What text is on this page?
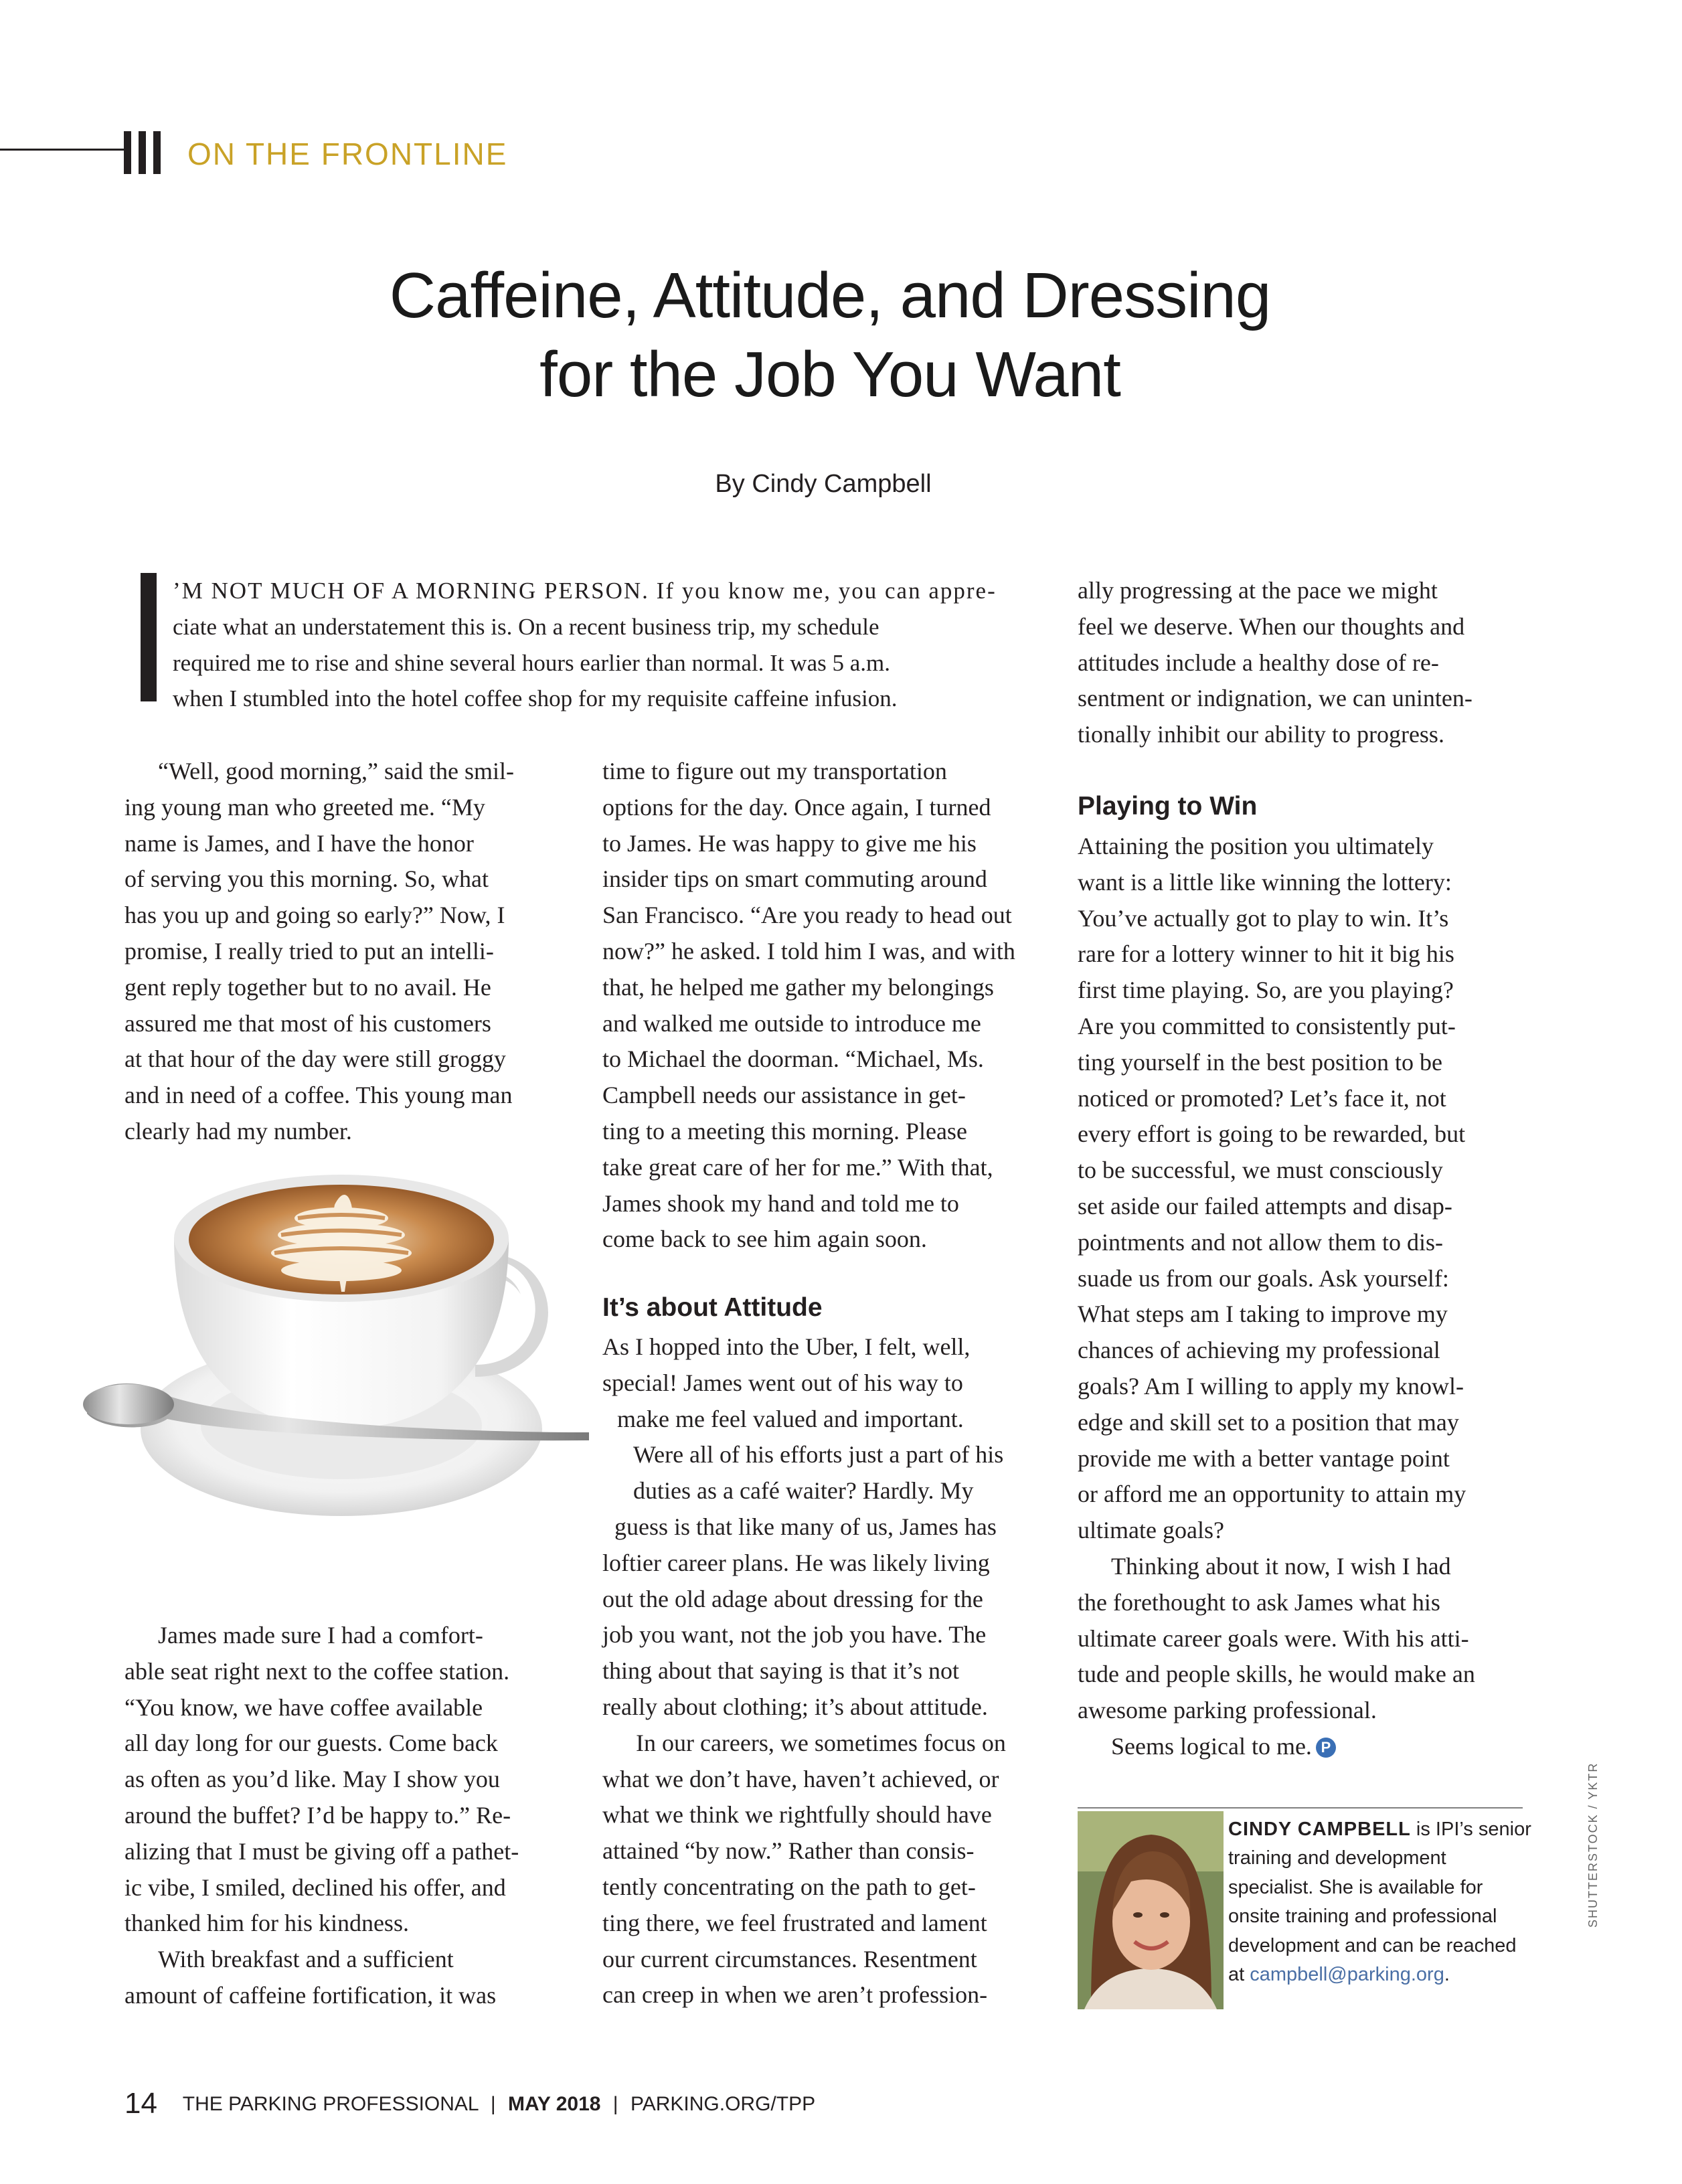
ON THE FRONTLINE
Caffeine, Attitude, and Dressing
for the Job You Want
By Cindy Campbell

’M NOT MUCH OF A MORNING PERSON. If you know me, you can appre-

ciate what an understatement this is. On a recent business trip, my schedule

required me to rise and shine several hours earlier than normal. It was 5 a.m.

when I stumbled into the hotel coffee shop for my requisite caffeine infusion.

“Well, good morning,” said the smil-

ing young man who greeted me. “My

name is James, and I have the honor

of serving you this morning. So, what

has you up and going so early?” Now, I

promise, I really tried to put an intelli-

gent reply together but to no avail. He

assured me that most of his customers

at that hour of the day were still groggy

and in need of a coffee. This young man

clearly had my number.

James made sure I had a comfort-

able seat right next to the coffee station.

“You know, we have coffee available

all day long for our guests. Come back

as often as you’d like. May I show you

around the buffet? I’d be happy to.” Re-

alizing that I must be giving off a pathet-

ic vibe, I smiled, declined his offer, and

thanked him for his kindness.

With breakfast and a sufficient

amount of caffeine fortification, it was

time to figure out my transportation

options for the day. Once again, I turned

to James. He was happy to give me his

insider tips on smart commuting around

San Francisco. “Are you ready to head out

now?” he asked. I told him I was, and with

that, he helped me gather my belongings

and walked me outside to introduce me

to Michael the doorman. “Michael, Ms.

Campbell needs our assistance in get-

ting to a meeting this morning. Please

take great care of her for me.” With that,

James shook my hand and told me to

come back to see him again soon.

It’s about Attitude

As I hopped into the Uber, I felt, well,

special! James went out of his way to

make me feel valued and important.

Were all of his efforts just a part of his

duties as a café waiter? Hardly. My

guess is that like many of us, James has

loftier career plans. He was likely living

out the old adage about dressing for the

job you want, not the job you have. The

thing about that saying is that it’s not

really about clothing; it’s about attitude.

In our careers, we sometimes focus on

what we don’t have, haven’t achieved, or

what we think we rightfully should have

attained “by now.” Rather than consis-

tently concentrating on the path to get-

ting there, we feel frustrated and lament

our current circumstances. Resentment

can creep in when we aren’t profession-

ally progressing at the pace we might

feel we deserve. When our thoughts and

attitudes include a healthy dose of re-

sentment or indignation, we can uninten-

tionally inhibit our ability to progress.

Playing to Win

Attaining the position you ultimately

want is a little like winning the lottery:

You’ve actually got to play to win. It’s

rare for a lottery winner to hit it big his

first time playing. So, are you playing?

Are you committed to consistently put-

ting yourself in the best position to be

noticed or promoted? Let’s face it, not

every effort is going to be rewarded, but

to be successful, we must consciously

set aside our failed attempts and disap-

pointments and not allow them to dis-

suade us from our goals. Ask yourself:

What steps am I taking to improve my

chances of achieving my professional

goals? Am I willing to apply my knowl-

edge and skill set to a position that may

provide me with a better vantage point

or afford me an opportunity to attain my

ultimate goals?

Thinking about it now, I wish I had

the forethought to ask James what his

ultimate career goals were. With his atti-

tude and people skills, he would make an

awesome parking professional.

Seems logical to me. P

CINDY CAMPBELL is IPI’s senior

training and development

specialist. She is available for

onsite training and professional

development and can be reached

at campbell@parking.org.

SHUTTERSTOCK / YKTR
14 THE PARKING PROFESSIONAL | MAY 2018 | PARKING.ORG/TPP
